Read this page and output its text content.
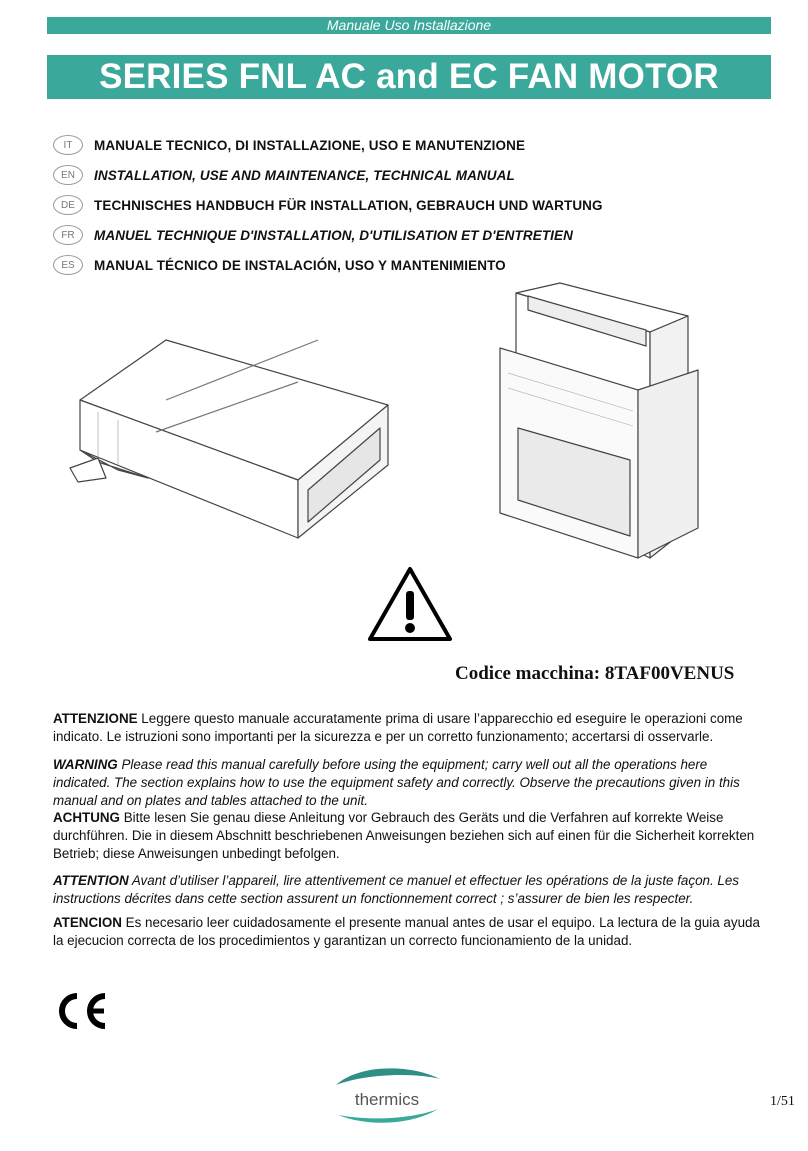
Manuale Uso Installazione
SERIES FNL AC and EC FAN MOTOR
IT	MANUALE TECNICO, DI INSTALLAZIONE, USO E MANUTENZIONE
EN	INSTALLATION, USE AND MAINTENANCE, TECHNICAL MANUAL
DE	TECHNISCHES HANDBUCH FÜR INSTALLATION, GEBRAUCH UND WARTUNG
FR	MANUEL TECHNIQUE D'INSTALLATION, D'UTILISATION ET D'ENTRETIEN
ES	MANUAL TÉCNICO DE INSTALACIÓN, USO Y MANTENIMIENTO
Codice macchina: 8TAF00VENUS

ATTENZIONE Leggere questo manuale accuratamente prima di usare l’apparecchio ed eseguire le operazioni come indicato. Le istruzioni sono importanti per la sicurezza e per un corretto funzionamento; accertarsi di osservarle.

WARNING Please read this manual carefully before using the equipment; carry well out all the operations here indicated. The section explains how to use the equipment safety and correctly. Observe the precautions given in this manual and on plates and tables attached to the unit.

ACHTUNG Bitte lesen Sie genau diese Anleitung vor Gebrauch des Geräts und die Verfahren auf korrekte Weise durchführen. Die in diesem Abschnitt beschriebenen Anweisungen beziehen sich auf einen für die Sicherheit korrekten Betrieb; diese Anweisungen unbedingt befolgen.

ATTENTION Avant d’utiliser l’appareil, lire attentivement ce manuel et effectuer les opérations de la juste façon. Les instructions décrites dans cette section assurent un fonctionnement correct ; s’assurer de bien les respecter.

ATENCION Es necesario leer cuidadosamente el presente manual antes de usar el equipo. La lectura de la guia ayuda la ejecucion correcta de los procedimientos y garantizan un correcto funcionamiento de la unidad.

thermics	1/51
